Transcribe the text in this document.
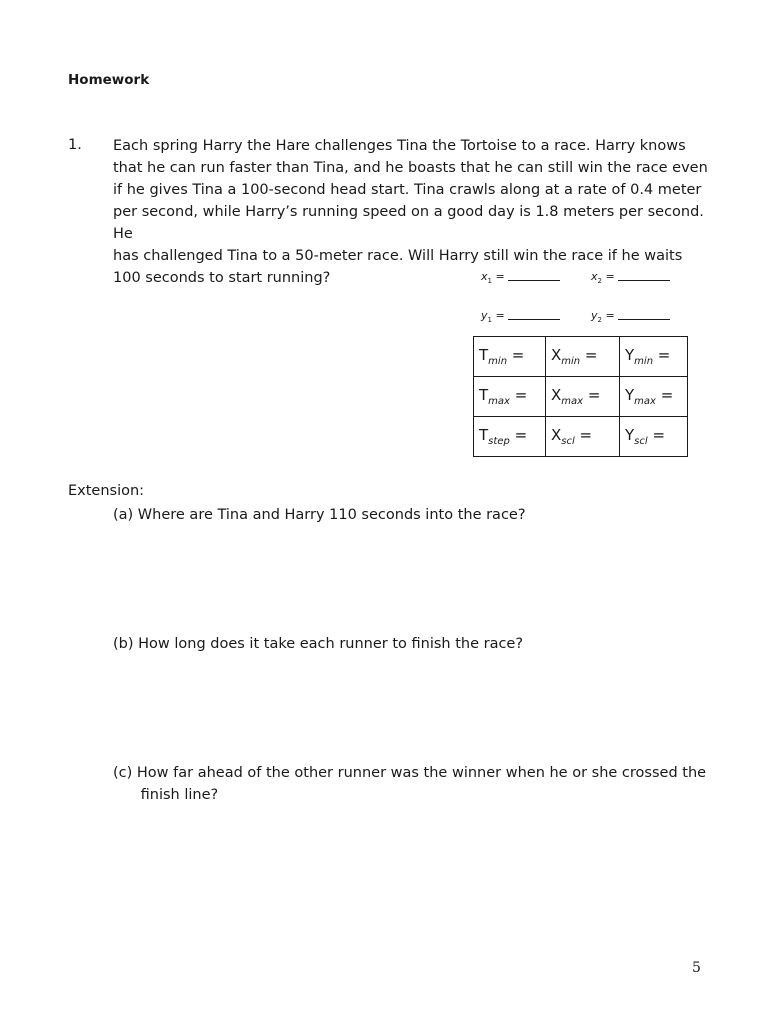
Homework
1. Each spring Harry the Hare challenges Tina the Tortoise to a race. Harry knows

that he can run faster than Tina, and he boasts that he can still win the race even

if he gives Tina a 100-second head start. Tina crawls along at a rate of 0.4 meter

per second, while Harry’s running speed on a good day is 1.8 meters per second. He

has challenged Tina to a 50-meter race. Will Harry still win the race if he waits

100 seconds to start running?	$x_1$ =	$x_2$ =
$y_1$ =	$y_2$ =
$T_{min}$ =	$X_{min}$ =	$Y_{min}$ =
$T_{max}$ =	$X_{max}$ =	$Y_{max}$ =
$T_{step}$ =	$X_{scl}$ =	$Y_{scl}$ =
Extension:
(a) Where are Tina and Harry 110 seconds into the race?
(b) How long does it take each runner to finish the race?
(c) How far ahead of the other runner was the winner when he or she crossed the
finish line?
5
